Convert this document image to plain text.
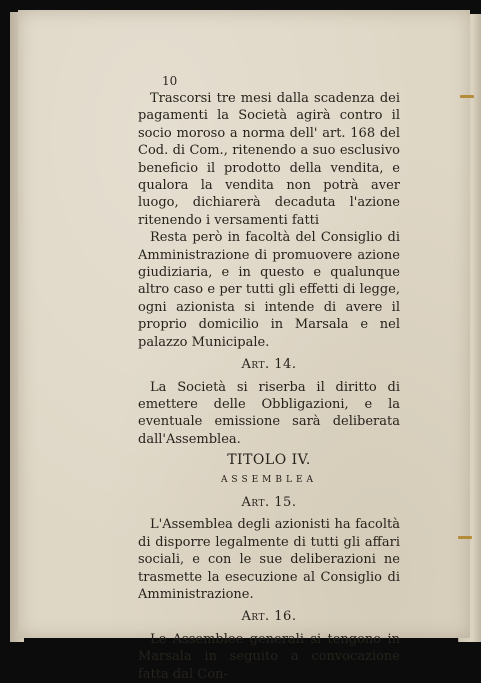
10

Trascorsi tre mesi dalla scadenza dei pagamenti la Società agirà contro il socio moroso a norma dell' art. 168 del Cod. di Com., ritenendo a suo esclusivo beneficio il prodotto della vendita, e qualora la vendita non potrà aver luogo, dichiarerà decaduta l'azione ritenendo i versamenti fatti

Resta però in facoltà del Consiglio di Amministrazione di promuovere azione giudiziaria, e in questo e qualunque altro caso e per tutti gli effetti di legge, ogni azionista si intende di avere il proprio domicilio in Marsala e nel palazzo Municipale.

Art. 14.

La Società si riserba il diritto di emettere delle Obbligazioni, e la eventuale emissione sarà deliberata dall'Assemblea.

TITOLO IV.
ASSEMBLEA
Art. 15.

L'Assemblea degli azionisti ha facoltà di disporre legalmente di tutti gli affari sociali, e con le sue deliberazioni ne trasmette la esecuzione al Consiglio di Amministrazione.

Art. 16.

Le Assemblee generali si tengono in Marsala in seguito a convocazione fatta dal Con-
